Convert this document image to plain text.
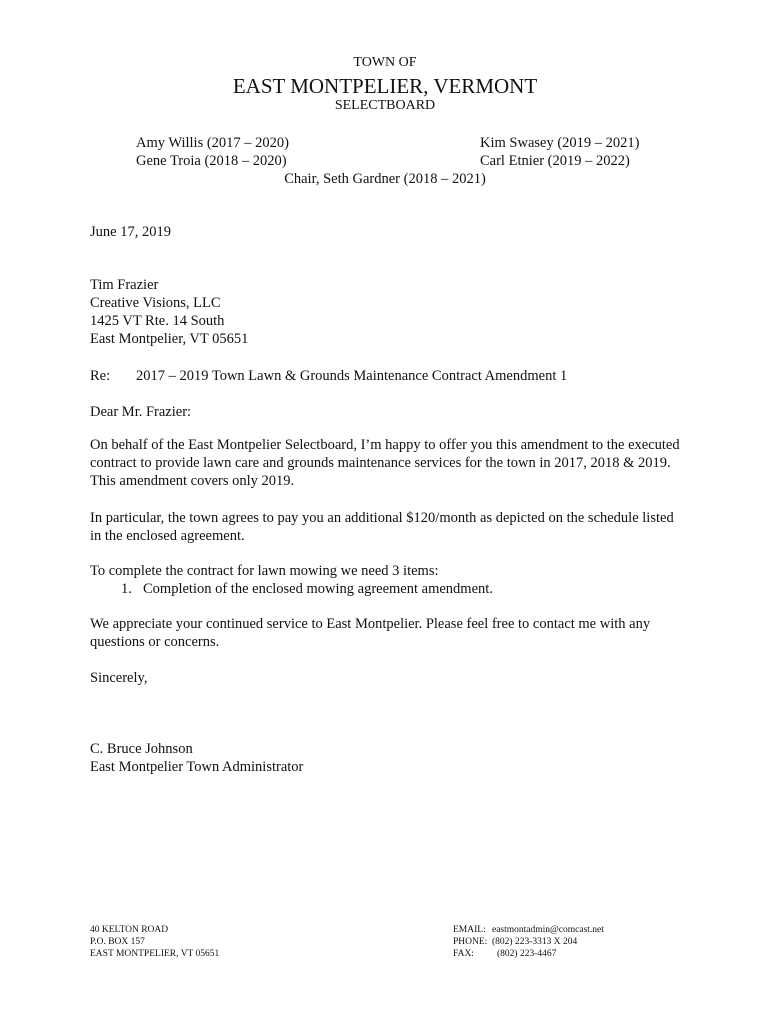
TOWN OF
EAST MONTPELIER, VERMONT
SELECTBOARD
Amy Willis (2017 – 2020)
Gene Troia (2018 – 2020)
Kim Swasey (2019 – 2021)
Carl Etnier (2019 – 2022)
Chair, Seth Gardner (2018 – 2021)
June 17, 2019
Tim Frazier
Creative Visions, LLC
1425 VT Rte. 14 South
East Montpelier, VT 05651
Re: 2017 – 2019 Town Lawn & Grounds Maintenance Contract Amendment 1
Dear Mr. Frazier:
On behalf of the East Montpelier Selectboard, I’m happy to offer you this amendment to the executed contract to provide lawn care and grounds maintenance services for the town in 2017, 2018 & 2019. This amendment covers only 2019.
In particular, the town agrees to pay you an additional $120/month as depicted on the schedule listed in the enclosed agreement.
To complete the contract for lawn mowing we need 3 items:
1. Completion of the enclosed mowing agreement amendment.
We appreciate your continued service to East Montpelier. Please feel free to contact me with any questions or concerns.
Sincerely,
C. Bruce Johnson
East Montpelier Town Administrator
40 KELTON ROAD
P.O. BOX 157
EAST MONTPELIER, VT 05651
EMAIL: eastmontadmin@comcast.net
PHONE: (802) 223-3313 X 204
FAX: (802) 223-4467
